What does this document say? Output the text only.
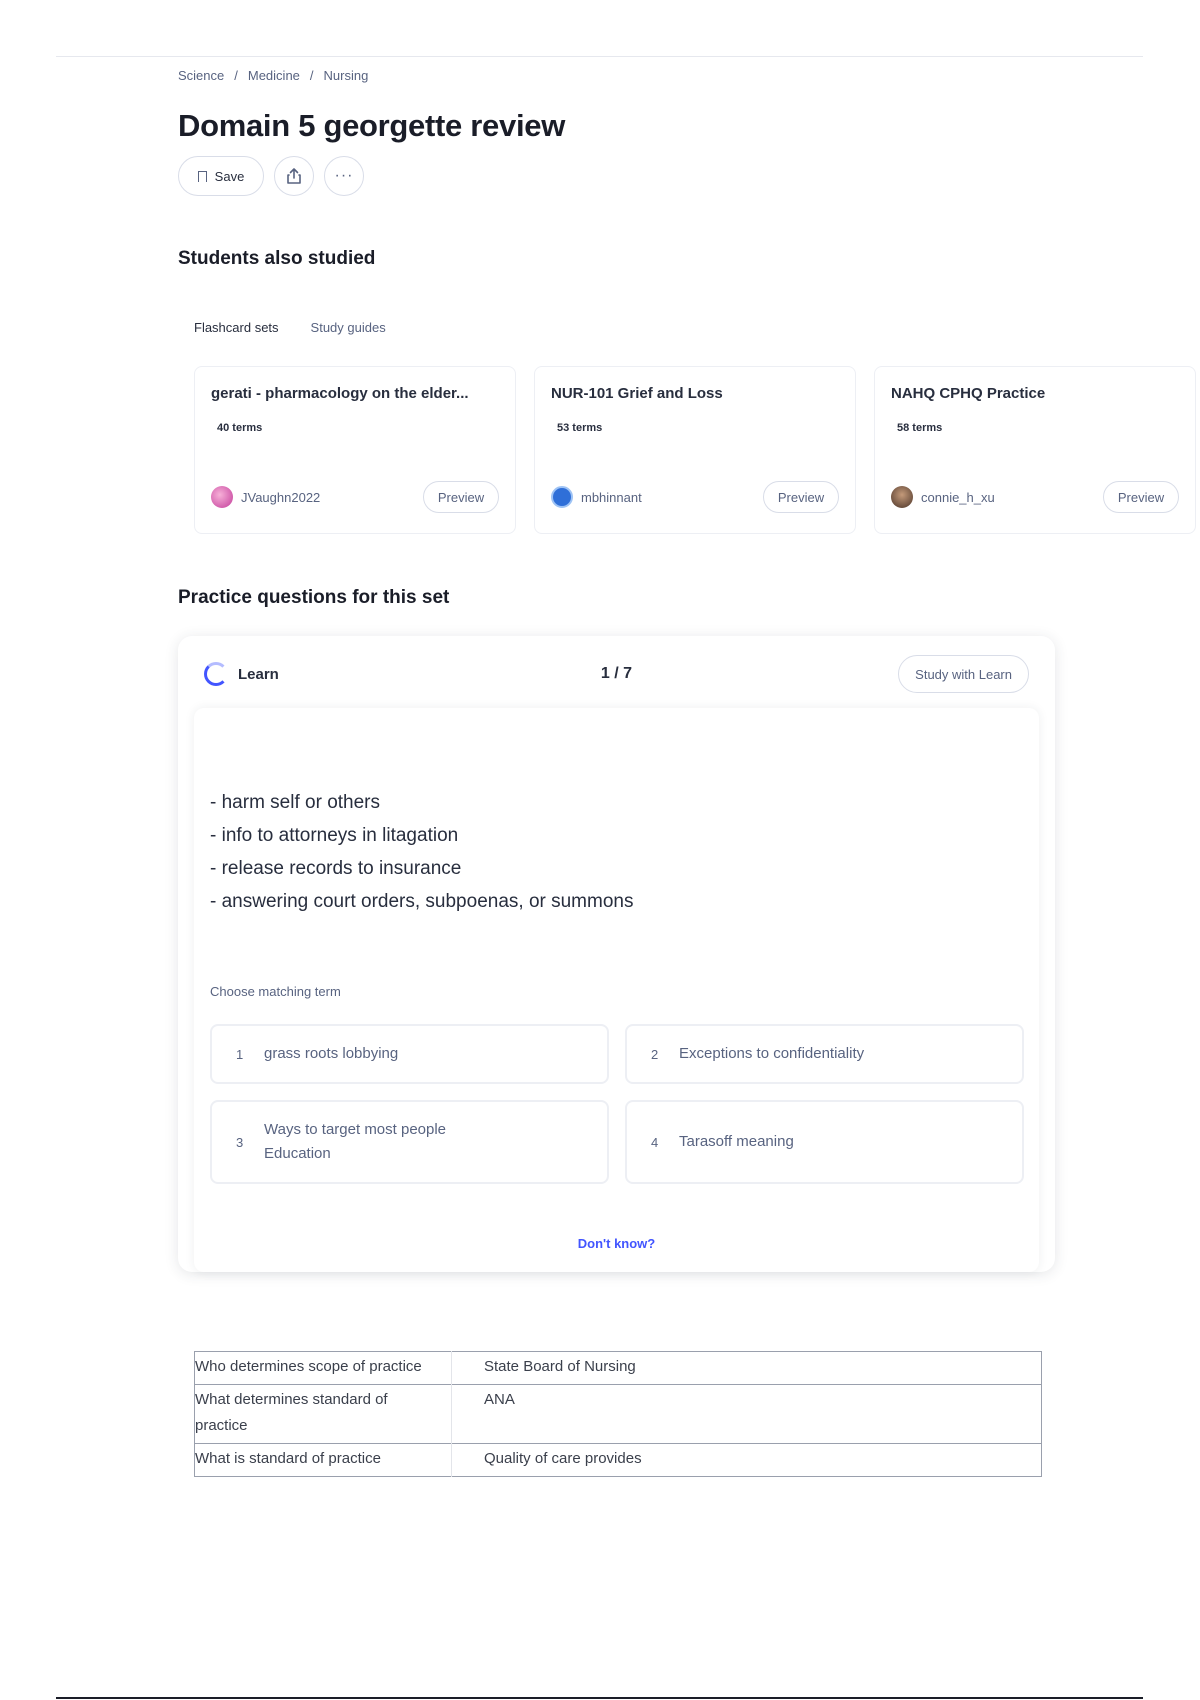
Science / Medicine / Nursing
Domain 5 georgette review
Save	···
Students also studied
Flashcard sets Study guides
gerati - pharmacology on the elder...
40 terms
JVaughn2022	Preview
NUR-101 Grief and Loss
53 terms
mbhinnant	Preview
NAHQ CPHQ Practice
58 terms
connie_h_xu	Preview
Practice questions for this set
Learn	1 / 7	Study with Learn
- harm self or others
- info to attorneys in litagation
- release records to insurance
- answering court orders, subpoenas, or summons
Choose matching term
1	grass roots lobbying	2	Exceptions to confidentiality
3
Ways to target most people Education
4	Tarasoff meaning
Don't know?
Who determines scope of practice	State Board of Nursing
What determines standard of practice	ANA
What is standard of practice	Quality of care provides
